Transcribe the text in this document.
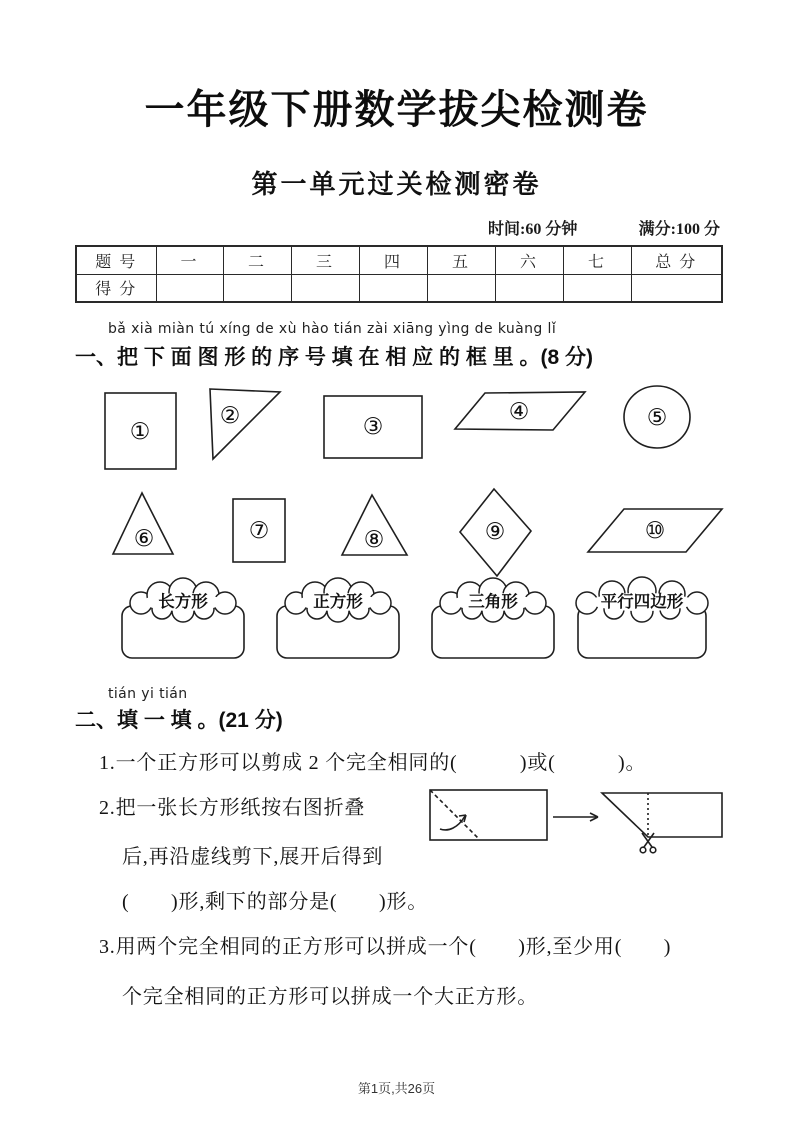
一年级下册数学拔尖检测卷
第一单元过关检测密卷
时间:60 分钟	满分:100 分
题 号	一	二	三	四	五	六	七	总 分
得 分								
bǎ xià miàn tú xíng de xù hào tián zài xiāng yìng de kuàng lǐ
一、把 下 面 图 形 的 序 号 填 在 相 应 的 框 里 。(8 分)
①
②	③
④	⑤
⑥	⑦	⑧	⑨	⑩
长方形	正方形	三角形	平行四边形
tián yi tián
二、填 一 填 。(21 分)
1.一个正方形可以剪成 2 个完全相同的(　　　)或(　　　)。
2.把一张长方形纸按右图折叠
后,再沿虚线剪下,展开后得到
(　　)形,剩下的部分是(　　)形。
3.用两个完全相同的正方形可以拼成一个(　　)形,至少用(　　)
个完全相同的正方形可以拼成一个大正方形。
第1页,共26页
